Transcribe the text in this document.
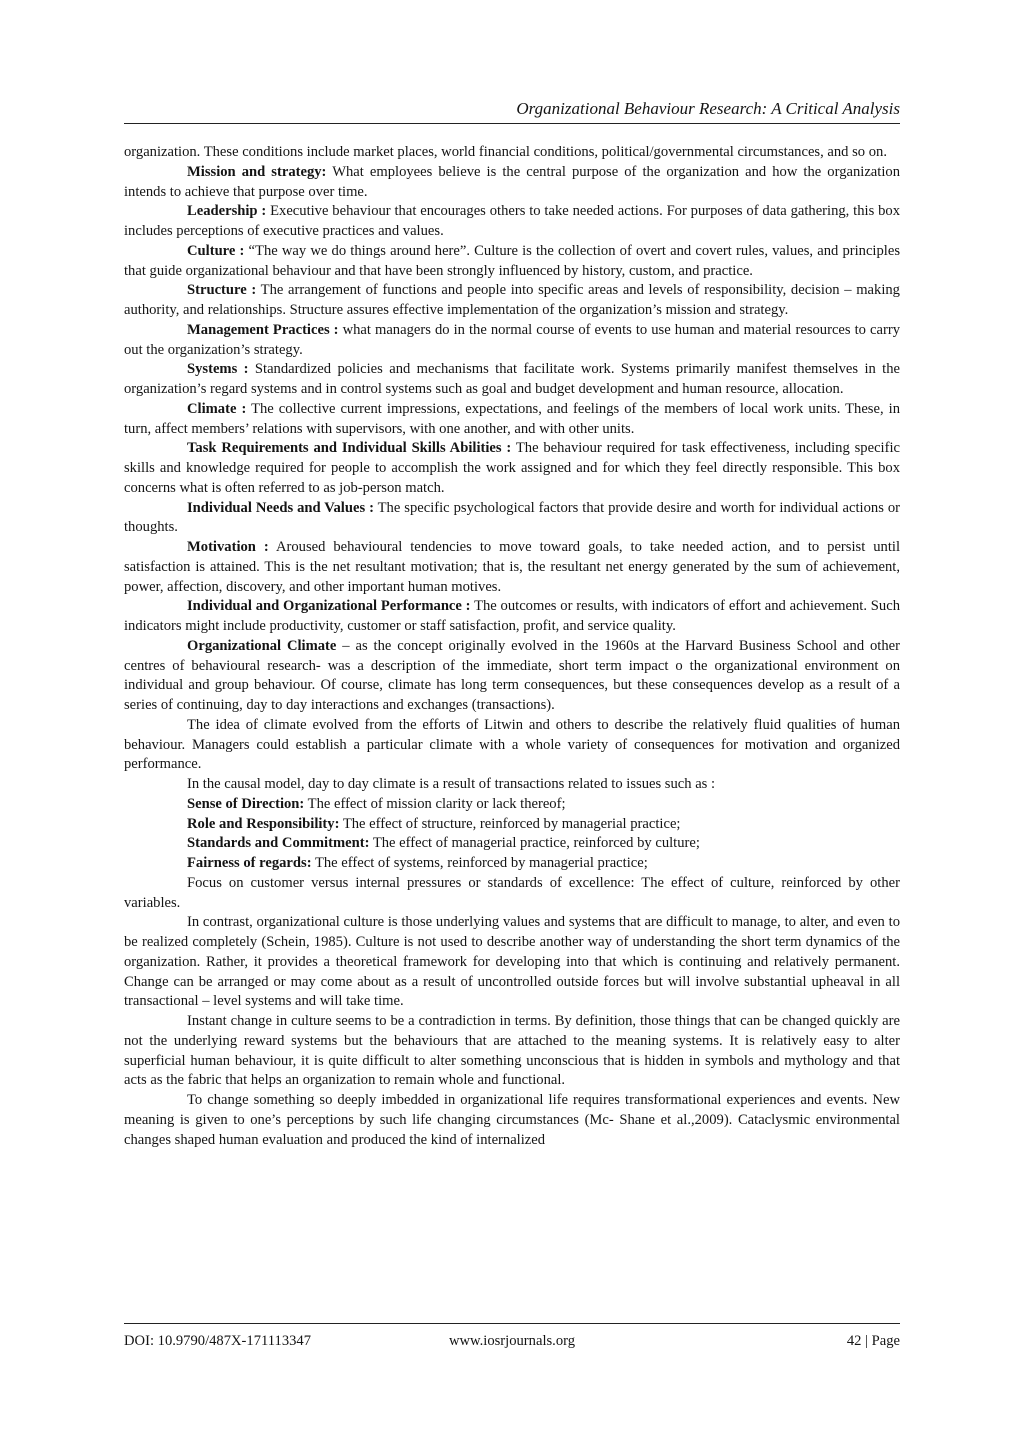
Organizational Behaviour Research: A Critical Analysis

organization. These conditions include market places, world financial conditions, political/governmental circumstances, and so on.

Mission and strategy: What employees believe is the central purpose of the organization and how the organization intends to achieve that purpose over time.

Leadership : Executive behaviour that encourages others to take needed actions. For purposes of data gathering, this box includes perceptions of executive practices and values.

Culture : “The way we do things around here”. Culture is the collection of overt and covert rules, values, and principles that guide organizational behaviour and that have been strongly influenced by history, custom, and practice.

Structure : The arrangement of functions and people into specific areas and levels of responsibility, decision – making authority, and relationships. Structure assures effective implementation of the organization’s mission and strategy.

Management Practices : what managers do in the normal course of events to use human and material resources to carry out the organization’s strategy.

Systems : Standardized policies and mechanisms that facilitate work. Systems primarily manifest themselves in the organization’s regard systems and in control systems such as goal and budget development and human resource, allocation.

Climate : The collective current impressions, expectations, and feelings of the members of local work units. These, in turn, affect members’ relations with supervisors, with one another, and with other units.

Task Requirements and Individual Skills Abilities : The behaviour required for task effectiveness, including specific skills and knowledge required for people to accomplish the work assigned and for which they feel directly responsible. This box concerns what is often referred to as job-person match.

Individual Needs and Values : The specific psychological factors that provide desire and worth for individual actions or thoughts.

Motivation : Aroused behavioural tendencies to move toward goals, to take needed action, and to persist until satisfaction is attained. This is the net resultant motivation; that is, the resultant net energy generated by the sum of achievement, power, affection, discovery, and other important human motives.

Individual and Organizational Performance : The outcomes or results, with indicators of effort and achievement. Such indicators might include productivity, customer or staff satisfaction, profit, and service quality.

Organizational Climate – as the concept originally evolved in the 1960s at the Harvard Business School and other centres of behavioural research- was a description of the immediate, short term impact o the organizational environment on individual and group behaviour. Of course, climate has long term consequences, but these consequences develop as a result of a series of continuing, day to day interactions and exchanges (transactions).

The idea of climate evolved from the efforts of Litwin and others to describe the relatively fluid qualities of human behaviour. Managers could establish a particular climate with a whole variety of consequences for motivation and organized performance.

In the causal model, day to day climate is a result of transactions related to issues such as :

Sense of Direction: The effect of mission clarity or lack thereof;

Role and Responsibility: The effect of structure, reinforced by managerial practice;

Standards and Commitment: The effect of managerial practice, reinforced by culture;

Fairness of regards: The effect of systems, reinforced by managerial practice;

Focus on customer versus internal pressures or standards of excellence: The effect of culture, reinforced by other variables.

In contrast, organizational culture is those underlying values and systems that are difficult to manage, to alter, and even to be realized completely (Schein, 1985). Culture is not used to describe another way of understanding the short term dynamics of the organization. Rather, it provides a theoretical framework for developing into that which is continuing and relatively permanent. Change can be arranged or may come about as a result of uncontrolled outside forces but will involve substantial upheaval in all transactional – level systems and will take time.

Instant change in culture seems to be a contradiction in terms. By definition, those things that can be changed quickly are not the underlying reward systems but the behaviours that are attached to the meaning systems. It is relatively easy to alter superficial human behaviour, it is quite difficult to alter something unconscious that is hidden in symbols and mythology and that acts as the fabric that helps an organization to remain whole and functional.

To change something so deeply imbedded in organizational life requires transformational experiences and events. New meaning is given to one’s perceptions by such life changing circumstances (Mc- Shane et al.,2009). Cataclysmic environmental changes shaped human evaluation and produced the kind of internalized

DOI: 10.9790/487X-171113347	www.iosrjournals.org	42 | Page
